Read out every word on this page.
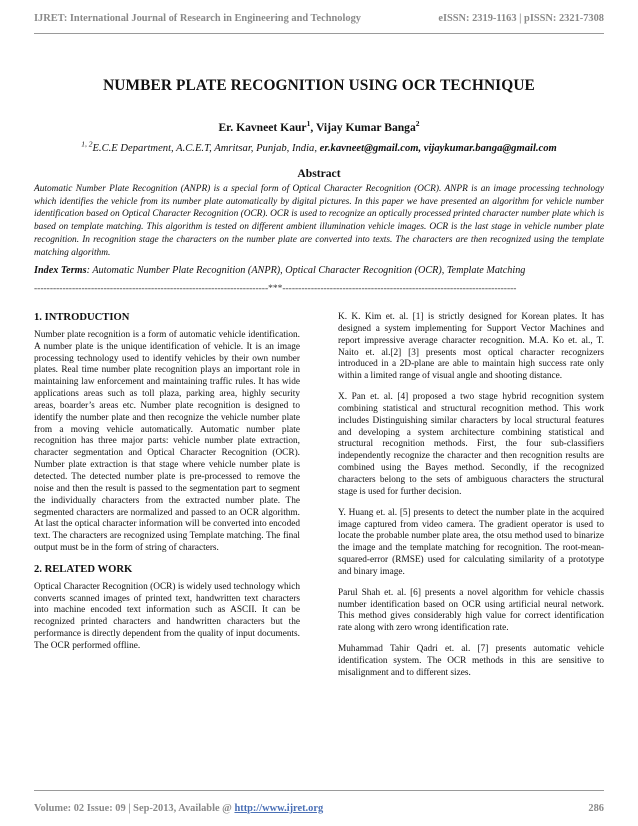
IJRET: International Journal of Research in Engineering and Technology	eISSN: 2319-1163 | pISSN: 2321-7308
NUMBER PLATE RECOGNITION USING OCR TECHNIQUE
Er. Kavneet Kaur$^1$, Vijay Kumar Banga$^2$
$^{1, 2}$E.C.E Department, A.C.E.T, Amritsar, Punjab, India, er.kavneet@gmail.com, vijaykumar.banga@gmail.com
Abstract

Automatic Number Plate Recognition (ANPR) is a special form of Optical Character Recognition (OCR). ANPR is an image processing technology which identifies the vehicle from its number plate automatically by digital pictures. In this paper we have presented an algorithm for vehicle number identification based on Optical Character Recognition (OCR). OCR is used to recognize an optically processed printed character number plate which is based on template matching. This algorithm is tested on different ambient illumination vehicle images. OCR is the last stage in vehicle number plate recognition. In recognition stage the characters on the number plate are converted into texts. The characters are then recognized using the template matching algorithm.

Index Terms: Automatic Number Plate Recognition (ANPR), Optical Character Recognition (OCR), Template Matching
--------------------------------------------------------------------------***--------------------------------------------------------------------------
1. INTRODUCTION

Number plate recognition is a form of automatic vehicle identification. A number plate is the unique identification of vehicle. It is an image processing technology used to identify vehicles by their own number plates. Real time number plate recognition plays an important role in maintaining law enforcement and maintaining traffic rules. It has wide applications areas such as toll plaza, parking area, highly security areas, boarder’s areas etc. Number plate recognition is designed to identify the number plate and then recognize the vehicle number plate from a moving vehicle automatically. Automatic number plate recognition has three major parts: vehicle number plate extraction, character segmentation and Optical Character Recognition (OCR). Number plate extraction is that stage where vehicle number plate is detected. The detected number plate is pre-processed to remove the noise and then the result is passed to the segmentation part to segment the individually characters from the extracted number plate. The segmented characters are normalized and passed to an OCR algorithm. At last the optical character information will be converted into encoded text. The characters are recognized using Template matching. The final output must be in the form of string of characters.

2. RELATED WORK

Optical Character Recognition (OCR) is widely used technology which converts scanned images of printed text, handwritten text characters into machine encoded text information such as ASCII. It can be recognized printed characters and handwritten characters but the performance is directly dependent from the quality of input documents. The OCR performed offline.

K. K. Kim et. al. [1] is strictly designed for Korean plates. It has designed a system implementing for Support Vector Machines and report impressive average character recognition. M.A. Ko et. al., T. Naito et. al.[2] [3] presents most optical character recognizers introduced in a 2D-plane are able to maintain high success rate only within a limited range of visual angle and shooting distance.

X. Pan et. al. [4] proposed a two stage hybrid recognition system combining statistical and structural recognition method. This work includes Distinguishing similar characters by local structural features and developing a system architecture combining statistical and structural recognition methods. First, the four sub-classifiers independently recognize the character and then recognition results are combined using the Bayes method. Secondly, if the recognized characters belong to the sets of ambiguous characters the structural stage is used for further decision.

Y. Huang et. al. [5] presents to detect the number plate in the acquired image captured from video camera. The gradient operator is used to locate the probable number plate area, the otsu method used to binarize the image and the template matching for recognition. The root-mean-squared-error (RMSE) used for calculating similarity of a prototype and binary image.

Parul Shah et. al. [6] presents a novel algorithm for vehicle chassis number identification based on OCR using artificial neural network. This method gives considerably high value for correct identification rate along with zero wrong identification rate.

Muhammad Tahir Qadri et. al. [7] presents automatic vehicle identification system. The OCR methods in this are sensitive to misalignment and to different sizes.

Volume: 02 Issue: 09 | Sep-2013, Available @ http://www.ijret.org	286
